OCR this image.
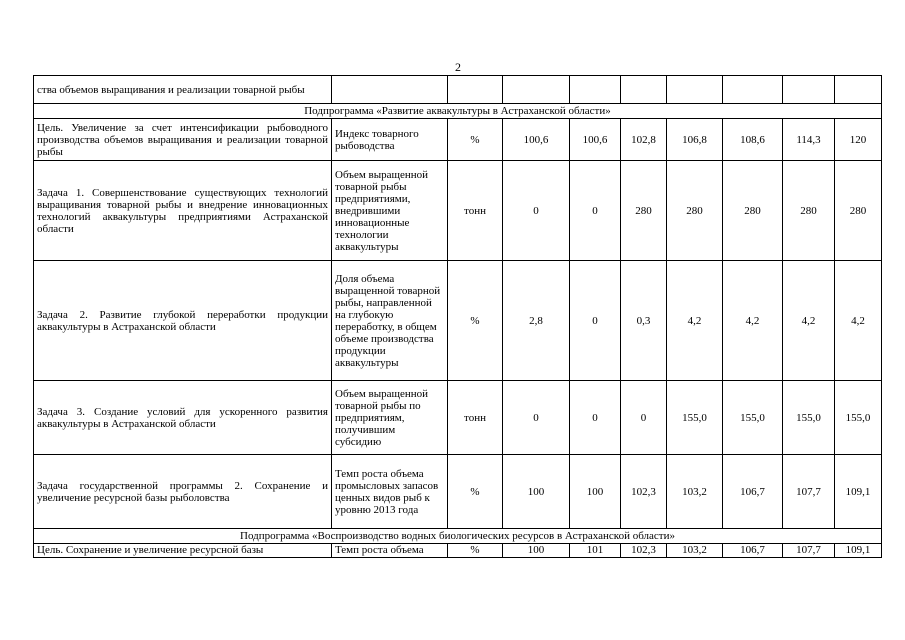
2
ства объемов выращивания и реализации товарной рыбы									
Подпрограмма «Развитие аквакультуры в Астраханской области»									
Цель. Увеличение за счет интенсификации рыбоводного производства объемов выращивания и реализации товарной рыбы	Индекс товарного рыбоводства	%	100,6	100,6	102,8	106,8	108,6	114,3	120
Задача 1. Совершенствование существующих технологий выращивания товарной рыбы и внедрение инновационных технологий аквакультуры предприятиями Астраханской области	Объем выращенной товарной рыбы предприятиями, внедрившими инновационные технологии аквакультуры	тонн	0	0	280	280	280	280	280
Задача 2. Развитие глубокой переработки продукции аквакультуры в Астраханской области	Доля объема выращенной товарной рыбы, направленной на глубокую переработку, в общем объеме производства продукции аквакультуры	%	2,8	0	0,3	4,2	4,2	4,2	4,2
Задача 3. Создание условий для ускоренного развития аквакультуры в Астраханской области	Объем выращенной товарной рыбы по предприятиям, получившим субсидию	тонн	0	0	0	155,0	155,0	155,0	155,0
Задача государственной программы 2. Сохранение и увеличение ресурсной базы рыболовства	Темп роста объема промысловых запасов ценных видов рыб к уровню 2013 года	%	100	100	102,3	103,2	106,7	107,7	109,1
Подпрограмма «Воспроизводство водных биологических ресурсов в Астраханской области»									
Цель. Сохранение и увеличение ресурсной базы	Темп роста объема	%	100	101	102,3	103,2	106,7	107,7	109,1
